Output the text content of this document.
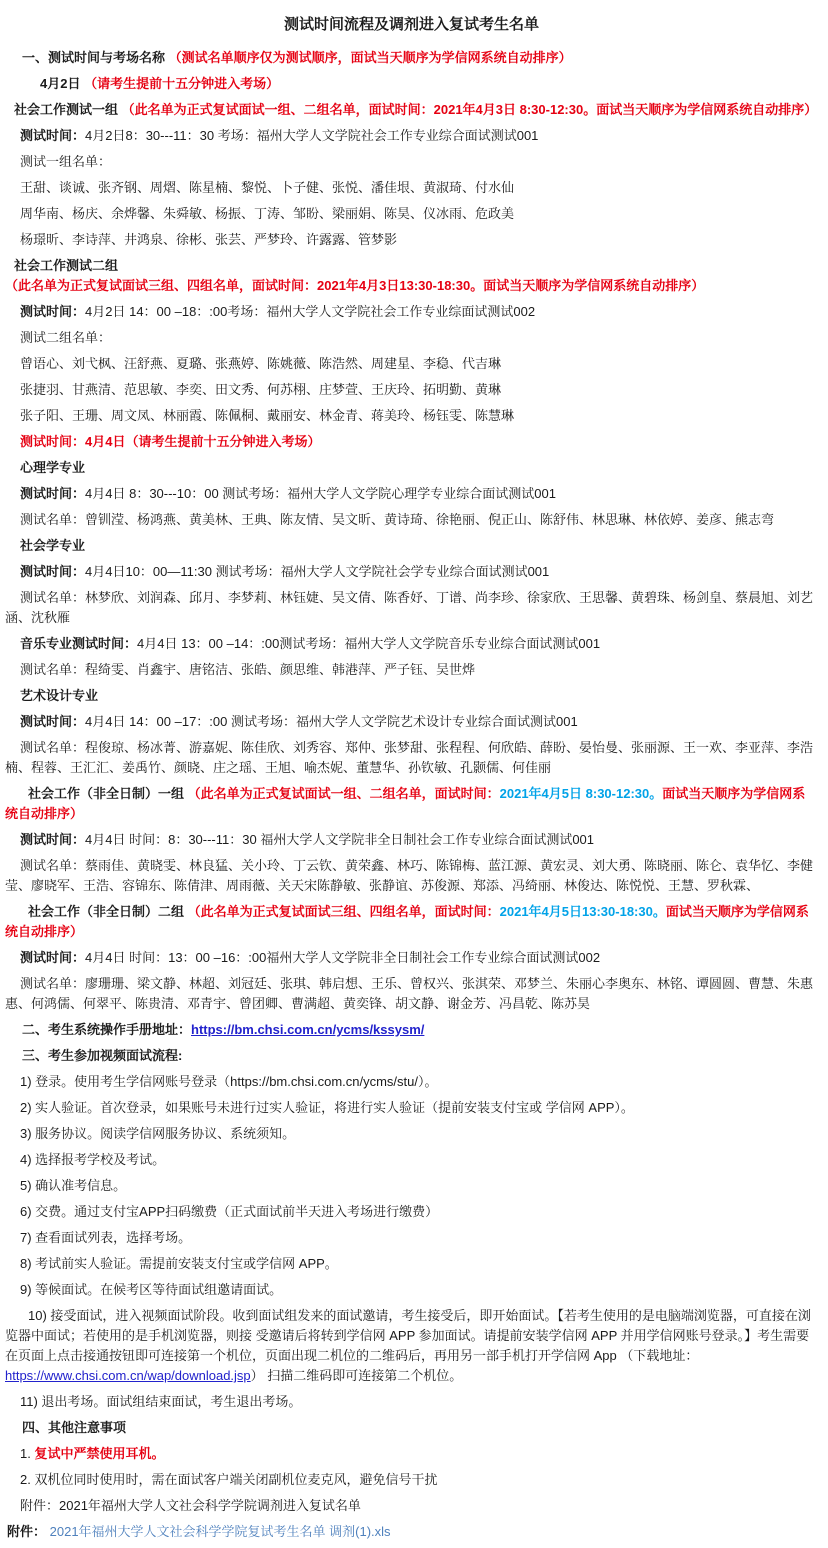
测试时间流程及调剂进入复试考生名单

一、测试时间与考场名称 （测试名单顺序仅为测试顺序，面试当天顺序为学信网系统自动排序）

4月2日 （请考生提前十五分钟进入考场）

社会工作测试一组 （此名单为正式复试面试一组、二组名单，面试时间：2021年4月3日 8:30-12:30。面试当天顺序为学信网系统自动排序）

测试时间：4月2日8：30---11：30 考场：福州大学人文学院社会工作专业综合面试测试001

测试一组名单：

王甜、谈诚、张齐钢、周熠、陈星楠、黎悦、卜子健、张悦、潘佳垠、黄淑琦、付水仙

周华南、杨庆、余烨馨、朱舜敏、杨振、丁涛、邹盼、梁丽娟、陈昊、仪冰雨、危政美

杨璟昕、李诗萍、井鸿泉、徐彬、张芸、严梦玲、许露露、管梦影

社会工作测试二组 （此名单为正式复试面试三组、四组名单，面试时间：2021年4月3日13:30-18:30。面试当天顺序为学信网系统自动排序）

测试时间：4月2日 14：00 –18：:00考场：福州大学人文学院社会工作专业综面试测试002

测试二组名单：

曾语心、刘弋枫、汪舒燕、夏璐、张燕婷、陈姚薇、陈浩然、周建星、李稳、代吉琳

张捷羽、甘燕清、范思敏、李奕、田文秀、何苏栩、庄梦萱、王庆玲、拓明勤、黄琳

张子阳、王珊、周文凤、林丽霞、陈佩桐、戴丽安、林金青、蒋美玲、杨钰雯、陈慧琳

测试时间：4月4日（请考生提前十五分钟进入考场）

心理学专业

测试时间：4月4日 8：30---10：00 测试考场：福州大学人文学院心理学专业综合面试测试001

测试名单：曾钏滢、杨鸿燕、黄美林、王典、陈友情、吴文昕、黄诗琦、徐艳丽、倪正山、陈舒伟、林思琳、林依婷、姜彦、熊志弯

社会学专业

测试时间：4月4日10：00—11:30 测试考场：福州大学人文学院社会学专业综合面试测试001

测试名单：林梦欣、刘润森、邱月、李梦莉、林钰婕、吴文倩、陈香妤、丁谱、尚李珍、徐家欣、王思馨、黄碧珠、杨剑皇、蔡晨旭、刘艺涵、沈秋雁

音乐专业测试时间：4月4日 13：00 –14：:00测试考场：福州大学人文学院音乐专业综合面试测试001

测试名单：程绮雯、肖鑫宇、唐铭洁、张皓、颜思维、韩港萍、严子钰、吴世烨

艺术设计专业

测试时间：4月4日 14：00 –17：:00 测试考场：福州大学人文学院艺术设计专业综合面试测试001

测试名单：程俊琼、杨冰菁、游嘉妮、陈佳欣、刘秀容、郑仲、张梦甜、张程程、何欣皓、薛盼、晏怡曼、张丽源、王一欢、李亚萍、李浩楠、程蓉、王汇汇、姜禹竹、颜晓、庄之瑶、王旭、喻杰妮、董慧华、孙钦敏、孔颢儒、何佳丽

社会工作（非全日制）一组 （此名单为正式复试面试一组、二组名单，面试时间：2021年4月5日 8:30-12:30。面试当天顺序为学信网系统自动排序）

测试时间：4月4日 时间：8：30---11：30 福州大学人文学院非全日制社会工作专业综合面试测试001

测试名单：蔡雨佳、黄晓雯、林良猛、关小玲、丁云钦、黄荣鑫、林巧、陈锦梅、蓝江源、黄宏灵、刘大勇、陈晓丽、陈仑、袁华忆、李健莹、廖晓军、王浩、容锦东、陈倩津、周雨薇、关天宋陈静敏、张静谊、苏俊源、郑添、冯绮丽、林俊达、陈悦悦、王慧、罗秋霖、

社会工作（非全日制）二组 （此名单为正式复试面试三组、四组名单，面试时间：2021年4月5日13:30-18:30。面试当天顺序为学信网系统自动排序）

测试时间：4月4日 时间：13：00 –16：:00福州大学人文学院非全日制社会工作专业综合面试测试002

测试名单：廖珊珊、梁文静、林超、刘冠廷、张琪、韩启想、王乐、曾权兴、张淇荣、邓梦兰、朱丽心李奥东、林铭、谭圆圆、曹慧、朱惠惠、何鸿儒、何翠平、陈贵清、邓青宇、曾团卿、曹满超、黄奕锋、胡文静、谢金芳、冯昌乾、陈苏昊

二、考生系统操作手册地址：https://bm.chsi.com.cn/ycms/kssysm/

三、考生参加视频面试流程:

1) 登录。使用考生学信网账号登录（https://bm.chsi.com.cn/ycms/stu/）。

2) 实人验证。首次登录，如果账号未进行过实人验证，将进行实人验证（提前安装支付宝或 学信网 APP）。

3) 服务协议。阅读学信网服务协议、系统须知。

4) 选择报考学校及考试。

5) 确认准考信息。

6) 交费。通过支付宝APP扫码缴费（正式面试前半天进入考场进行缴费）

7) 查看面试列表，选择考场。

8) 考试前实人验证。需提前安装支付宝或学信网 APP。

9) 等候面试。在候考区等待面试组邀请面试。

10) 接受面试，进入视频面试阶段。收到面试组发来的面试邀请，考生接受后，即开始面试。【若考生使用的是电脑端浏览器，可直接在浏览器中面试；若使用的是手机浏览器，则接 受邀请后将转到学信网 APP 参加面试。请提前安装学信网 APP 并用学信网账号登录。】考生需要在页面上点击接通按钮即可连接第一个机位，页面出现二机位的二维码后，再用另一部手机打开学信网 App （下载地址： https://www.chsi.com.cn/wap/download.jsp） 扫描二维码即可连接第二个机位。

11) 退出考场。面试组结束面试，考生退出考场。

四、其他注意事项

1. 复试中严禁使用耳机。

2. 双机位同时使用时，需在面试客户端关闭副机位麦克风，避免信号干扰

附件：2021年福州大学人文社会科学学院调剂进入复试名单

附件： 2021年福州大学人文社会科学学院复试考生名单 调剂(1).xls
